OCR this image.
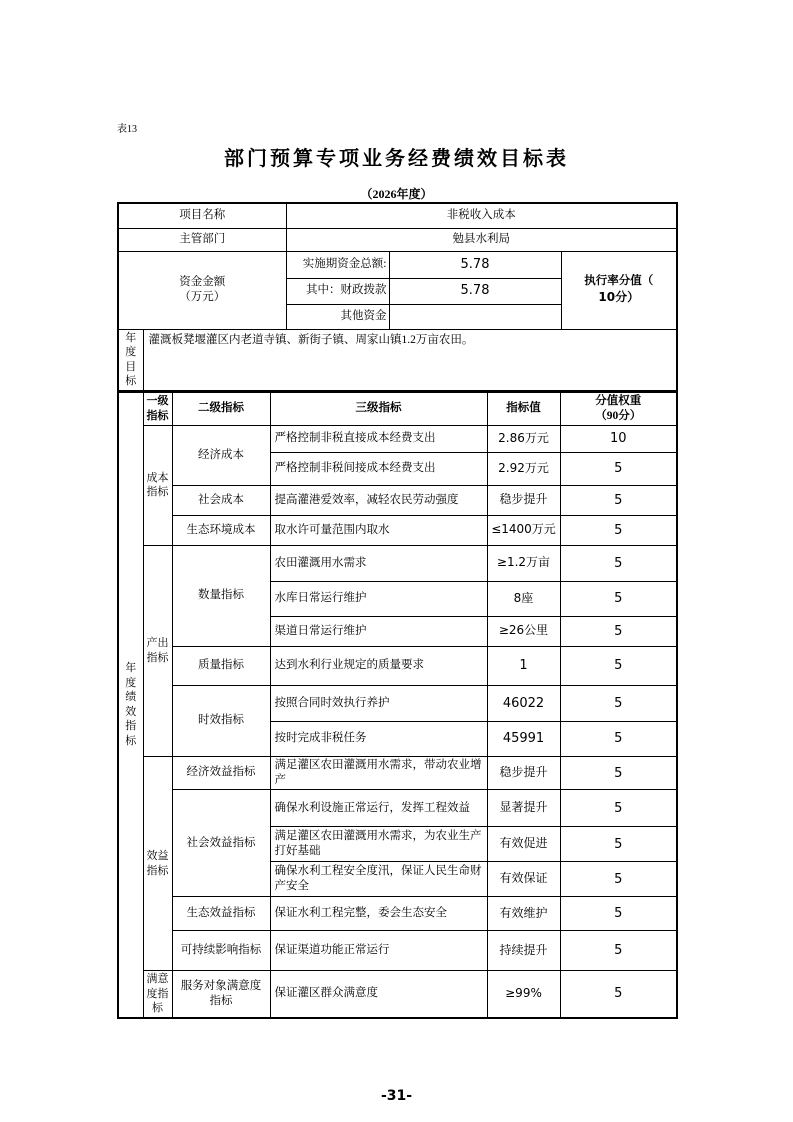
表13
部门预算专项业务经费绩效目标表
（2026年度）
项目名称		非税收入成本		
主管部门		勉县水利局		

资金金额
（万元）
	实施期资金总额:	5.78	执行率分值（
10分）
		其中：财政拨款	5.78	
		其他资金		
年度目标	灌溉板凳堰灌区内老道寺镇、新街子镇、周家山镇1.2万亩农田。			
年度绩效指标	一级指标	二级指标	三级指标	指标值	分值权重
（90分）
	成本指标	经济成本	严格控制非税直接成本经费支出	2.86万元	10
			严格控制非税间接成本经费支出	2.92万元	5
		社会成本	提高灌港爱效率，减轻农民劳动强度	稳步提升	5
		生态环境成本	取水许可量范围内取水	≤1400万元	5
	产出指标	数量指标	农田灌溉用水需求	≥1.2万亩	5
			水库日常运行维护	8座	5
			渠道日常运行维护	≥26公里	5
		质量指标	达到水利行业规定的质量要求	1	5
		时效指标	按照合同时效执行养护	46022	5
			按时完成非税任务	45991	5
	效益指标	经济效益指标	满足灌区农田灌溉用水需求，带动农业增产	稳步提升	5
		社会效益指标	确保水利设施正常运行，发挥工程效益	显著提升	5
			满足灌区农田灌溉用水需求，为农业生产打好基础	有效促进	5
			确保水利工程安全度汛，保证人民生命财产安全	有效保证	5
		生态效益指标	保证水利工程完整，委会生态安全	有效维护	5
		可持续影响指标	保证渠道功能正常运行	持续提升	5
	满意度指标	服务对象满意度指标	保证灌区群众满意度	≥99%	5
-31-
